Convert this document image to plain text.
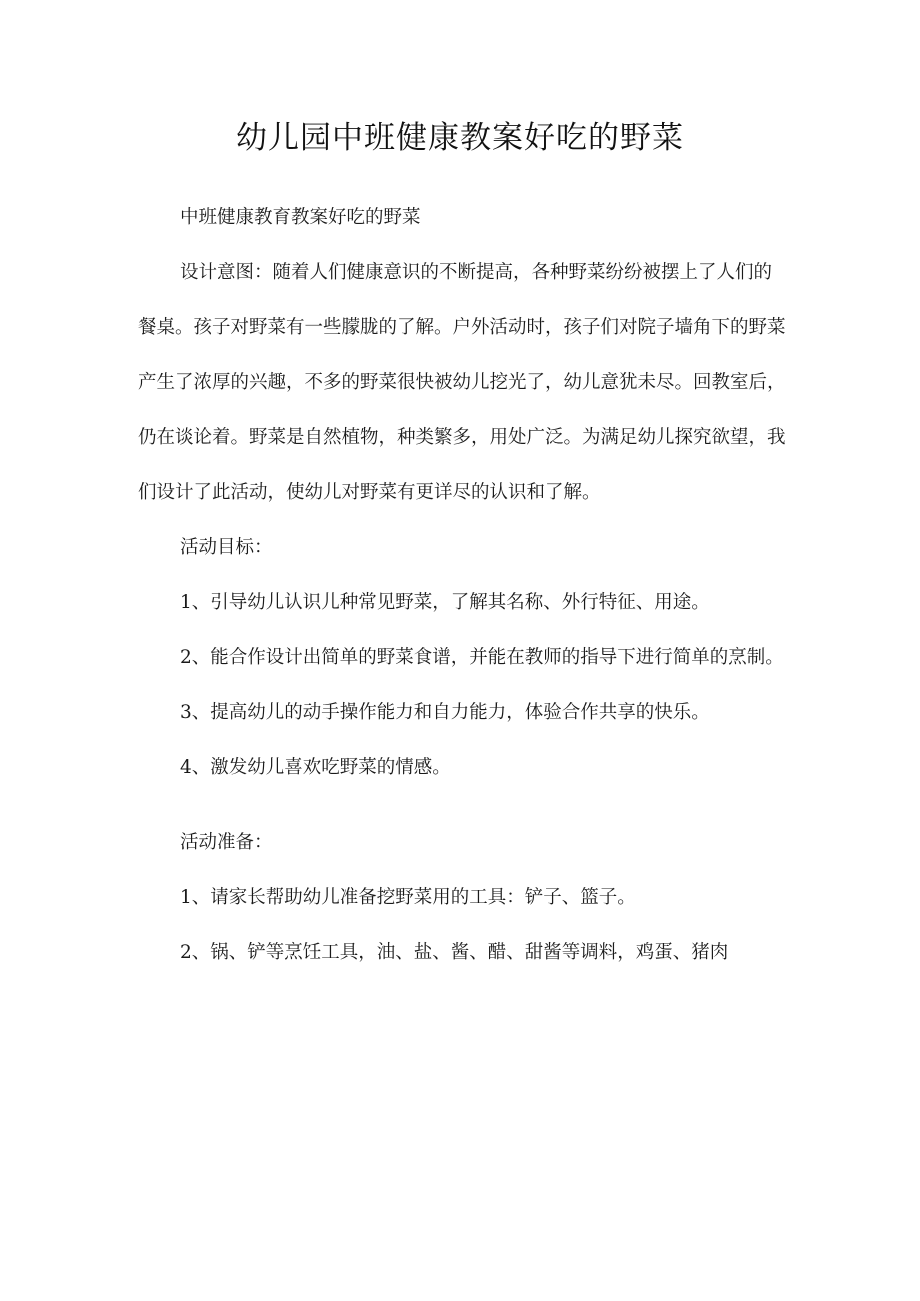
幼儿园中班健康教案好吃的野菜

中班健康教育教案好吃的野菜

设计意图：随着人们健康意识的不断提高，各种野菜纷纷被摆上了人们的餐桌。孩子对野菜有一些朦胧的了解。户外活动时，孩子们对院子墙角下的野菜产生了浓厚的兴趣，不多的野菜很快被幼儿挖光了，幼儿意犹未尽。回教室后，仍在谈论着。野菜是自然植物，种类繁多，用处广泛。为满足幼儿探究欲望，我们设计了此活动，使幼儿对野菜有更详尽的认识和了解。

活动目标：

1、引导幼儿认识儿种常见野菜，了解其名称、外行特征、用途。

2、能合作设计出简单的野菜食谱，并能在教师的指导下进行简单的烹制。

3、提高幼儿的动手操作能力和自力能力，体验合作共享的快乐。

4、激发幼儿喜欢吃野菜的情感。

活动准备：

1、请家长帮助幼儿准备挖野菜用的工具：铲子、篮子。

2、锅、铲等烹饪工具，油、盐、酱、醋、甜酱等调料，鸡蛋、猪肉
